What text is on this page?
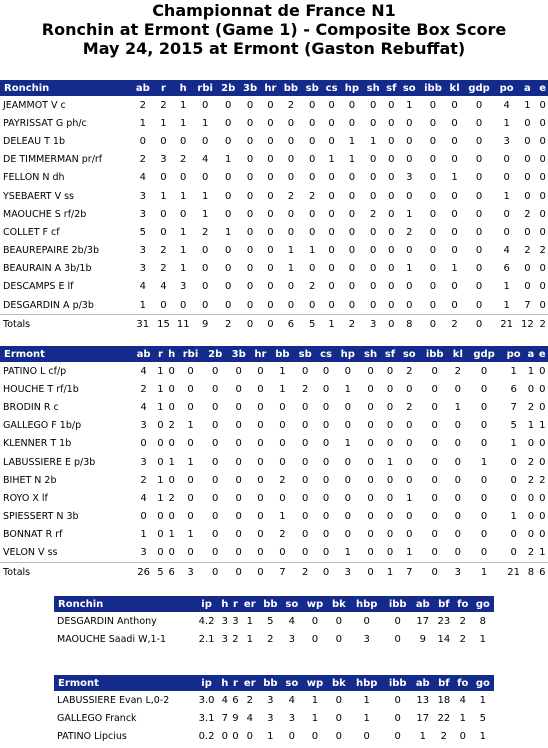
Championnat de France N1
Ronchin at Ermont (Game 1) - Composite Box Score
May 24, 2015 at Ermont (Gaston Rebuffat)
Ronchin	ab	r	h	rbi	2b	3b	hr	bb	sb	cs	hp	sh	sf	so	ibb	kl	gdp	po	a	e
JEAMMOT V c	2	2	1	0	0	0	0	2	0	0	0	0	0	1	0	0	0	4	1	0
PAYRISSAT G ph/c	1	1	1	1	0	0	0	0	0	0	0	0	0	0	0	0	0	1	0	0
DELEAU T 1b	0	0	0	0	0	0	0	0	0	0	1	1	0	0	0	0	0	3	0	0
DE TIMMERMAN pr/rf	2	3	2	4	1	0	0	0	0	1	1	0	0	0	0	0	0	0	0	0
FELLON N dh	4	0	0	0	0	0	0	0	0	0	0	0	0	3	0	1	0	0	0	0
YSEBAERT V ss	3	1	1	1	0	0	0	2	2	0	0	0	0	0	0	0	0	1	0	0
MAOUCHE S rf/2b	3	0	0	1	0	0	0	0	0	0	0	2	0	1	0	0	0	0	2	0
COLLET F cf	5	0	1	2	1	0	0	0	0	0	0	0	0	2	0	0	0	0	0	0
BEAUREPAIRE 2b/3b	3	2	1	0	0	0	0	1	1	0	0	0	0	0	0	0	0	4	2	2
BEAURAIN A 3b/1b	3	2	1	0	0	0	0	1	0	0	0	0	0	1	0	1	0	6	0	0
DESCAMPS E lf	4	4	3	0	0	0	0	0	2	0	0	0	0	0	0	0	0	1	0	0
DESGARDIN A p/3b	1	0	0	0	0	0	0	0	0	0	0	0	0	0	0	0	0	1	7	0
Totals	31	15	11	9	2	0	0	6	5	1	2	3	0	8	0	2	0	21	12	2
Ermont	ab	r	h	rbi	2b	3b	hr	bb	sb	cs	hp	sh	sf	so	ibb	kl	gdp	po	a	e
PATINO L cf/p	4	1	0	0	0	0	0	1	0	0	0	0	0	2	0	2	0	1	1	0
HOUCHE T rf/1b	2	1	0	0	0	0	0	1	2	0	1	0	0	0	0	0	0	6	0	0
BRODIN R c	4	1	0	0	0	0	0	0	0	0	0	0	0	2	0	1	0	7	2	0
GALLEGO F 1b/p	3	0	2	1	0	0	0	0	0	0	0	0	0	0	0	0	0	5	1	1
KLENNER T 1b	0	0	0	0	0	0	0	0	0	0	1	0	0	0	0	0	0	1	0	0
LABUSSIERE E p/3b	3	0	1	1	0	0	0	0	0	0	0	0	1	0	0	0	1	0	2	0
BIHET N 2b	2	1	0	0	0	0	0	2	0	0	0	0	0	0	0	0	0	0	2	2
ROYO X lf	4	1	2	0	0	0	0	0	0	0	0	0	0	1	0	0	0	0	0	0
SPIESSERT N 3b	0	0	0	0	0	0	0	1	0	0	0	0	0	0	0	0	0	1	0	0
BONNAT R rf	1	0	1	1	0	0	0	2	0	0	0	0	0	0	0	0	0	0	0	0
VELON V ss	3	0	0	0	0	0	0	0	0	0	1	0	0	1	0	0	0	0	2	1
Totals	26	5	6	3	0	0	0	7	2	0	3	0	1	7	0	3	1	21	8	6
Ronchin	ip	h	r	er	bb	so	wp	bk	hbp	ibb	ab	bf	fo	go
DESGARDIN Anthony	4.2	3	3	1	5	4	0	0	0	0	17	23	2	8
MAOUCHE Saadi W,1-1	2.1	3	2	1	2	3	0	0	3	0	9	14	2	1
Ermont	ip	h	r	er	bb	so	wp	bk	hbp	ibb	ab	bf	fo	go
LABUSSIERE Evan L,0-2	3.0	4	6	2	3	4	1	0	1	0	13	18	4	1
GALLEGO Franck	3.1	7	9	4	3	3	1	0	1	0	17	22	1	5
PATINO Lipcius	0.2	0	0	0	1	0	0	0	0	0	1	2	0	1
